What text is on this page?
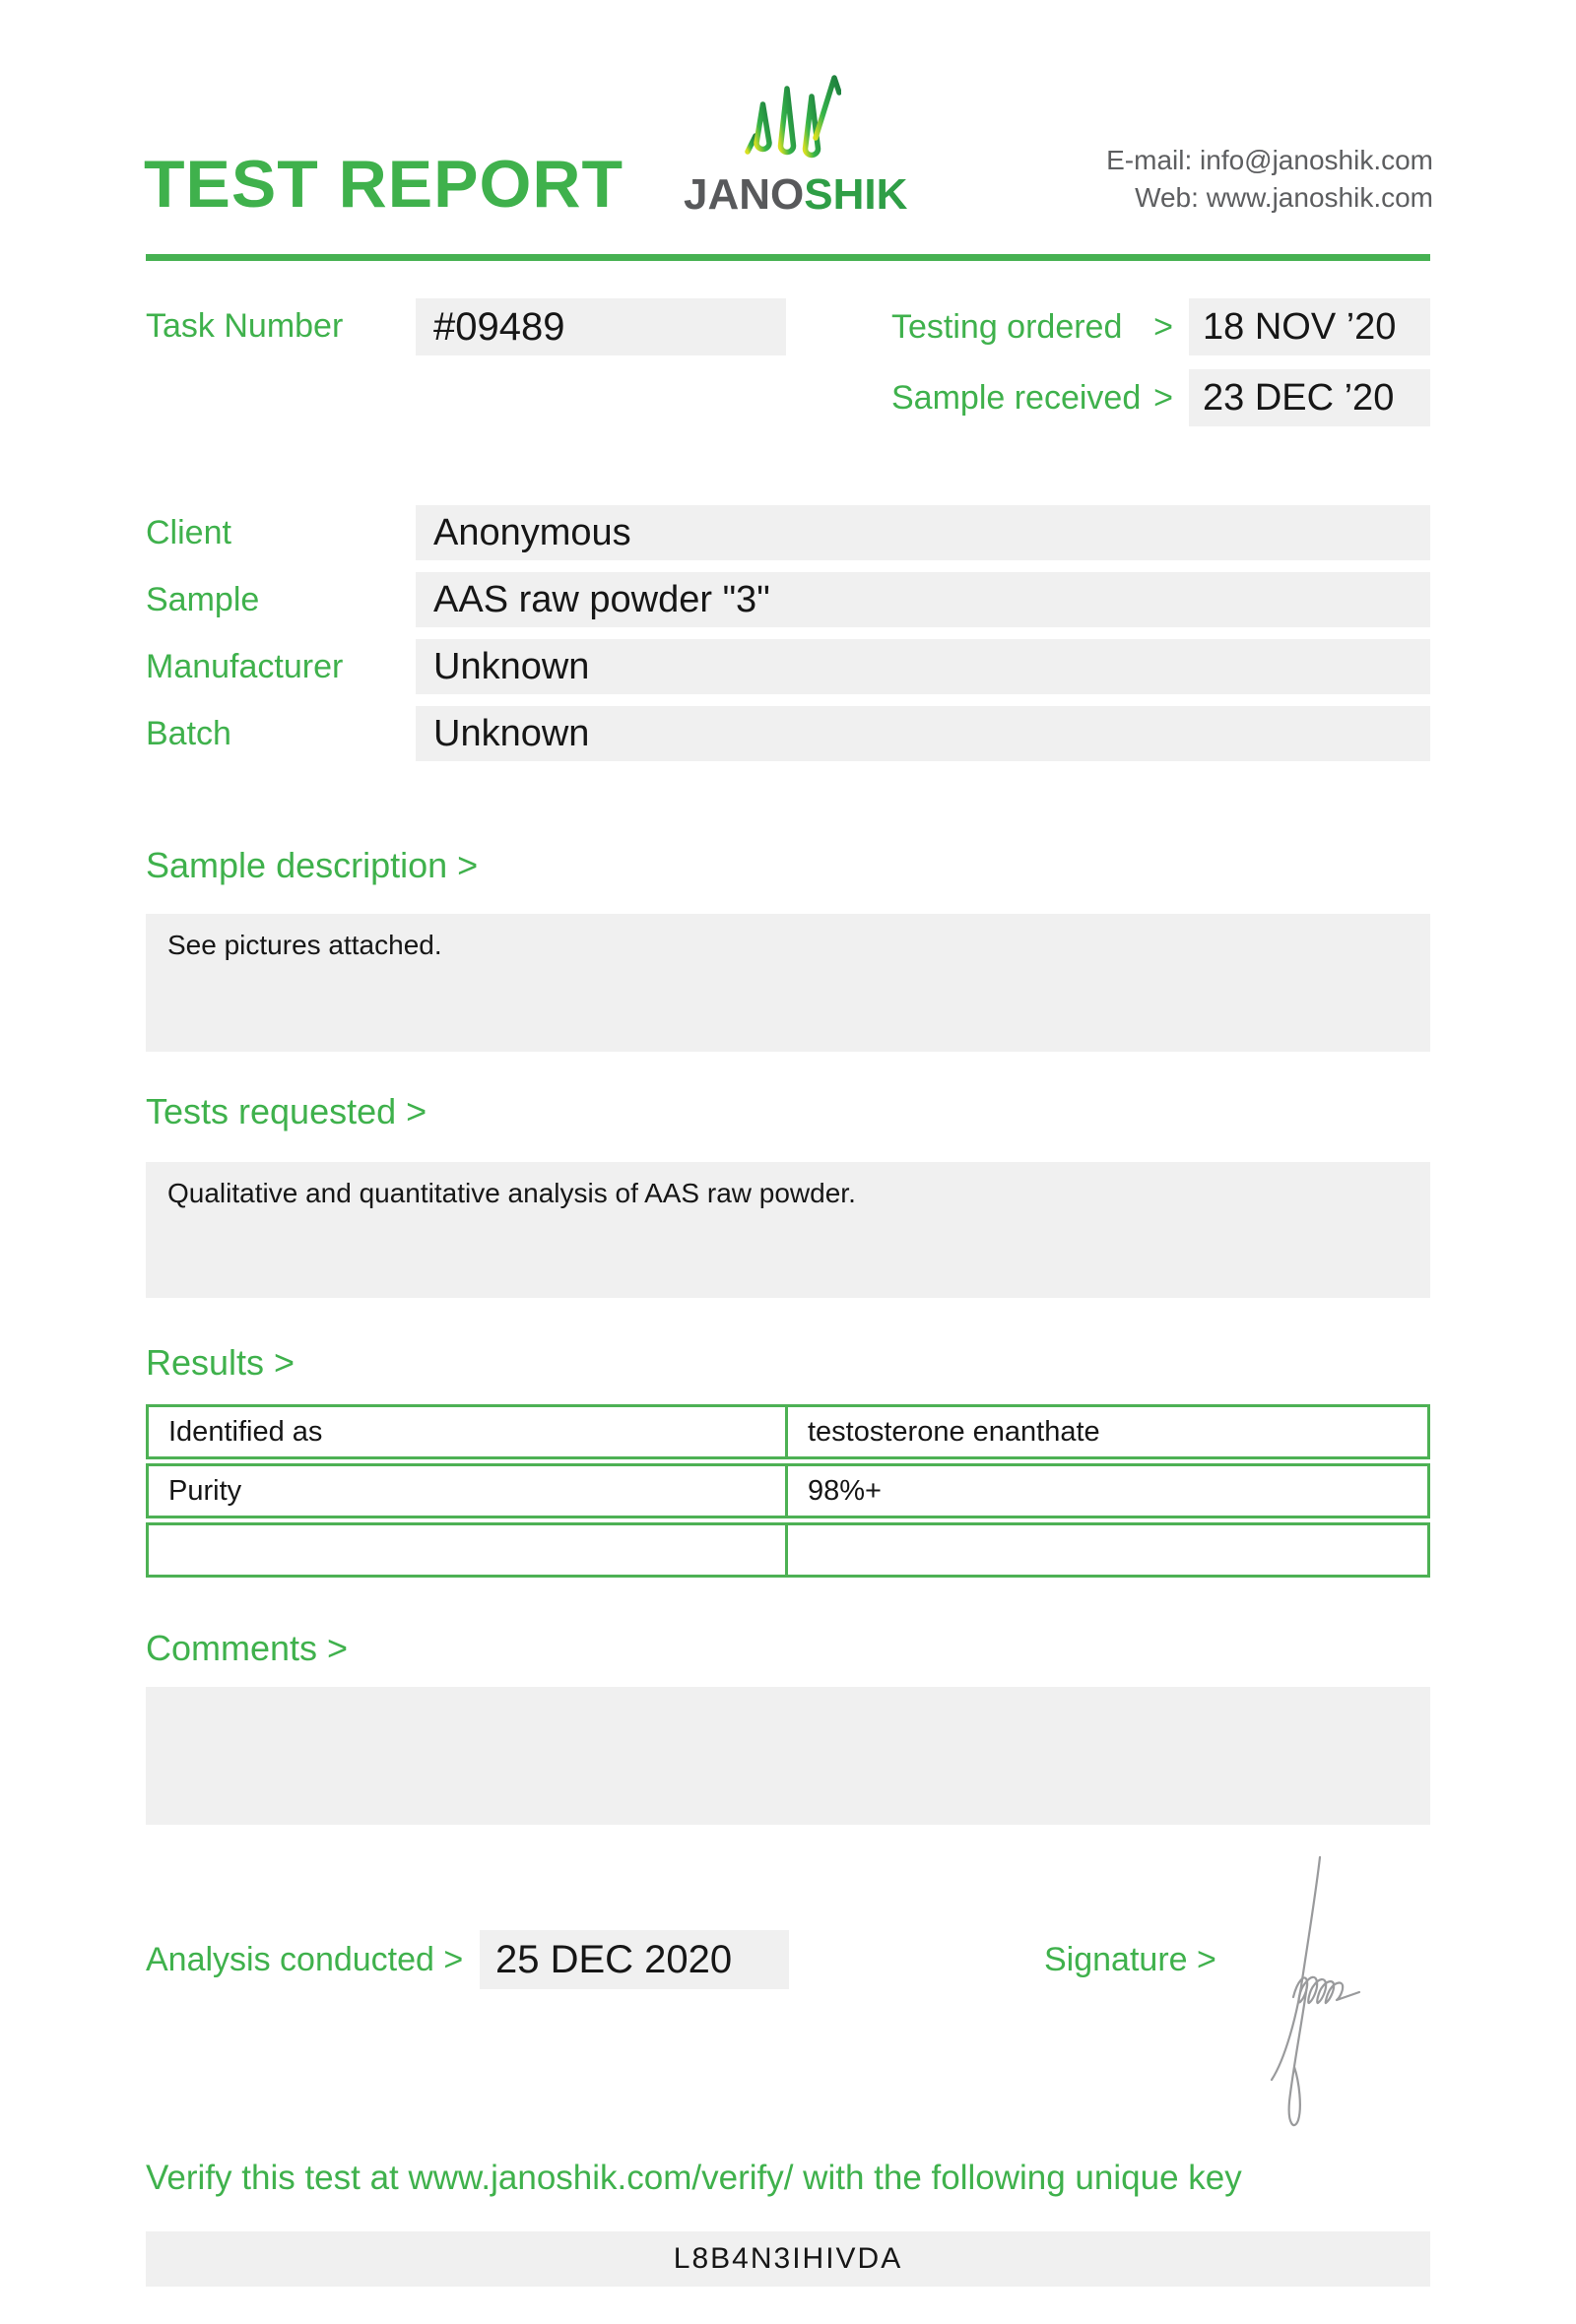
TEST REPORT JANOSHIK
E-mail: info@janoshik.com
Web: www.janoshik.com
Task Number	#09489	Testing ordered > 18 NOV ’20
Sample received > 23 DEC ’20
Client	Anonymous
Sample	AAS raw powder "3"
Manufacturer	Unknown
Batch	Unknown
Sample description >
See pictures attached.
Tests requested >
Qualitative and quantitative analysis of AAS raw powder.
Results >
Identified as	testosterone enanthate
Purity	98%+
Comments >
Analysis conducted > 25 DEC 2020	Signature >
Verify this test at www.janoshik.com/verify/ with the following unique key
L8B4N3IHIVDA
